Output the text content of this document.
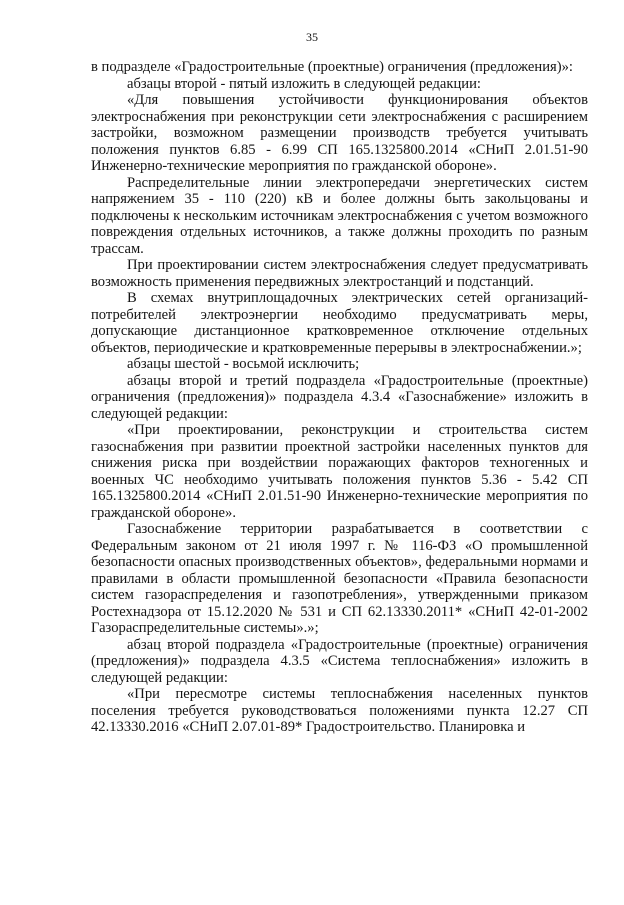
35

в подразделе «Градостроительные (проектные) ограничения (предложения)»:

абзацы второй - пятый изложить в следующей редакции:

«Для повышения устойчивости функционирования объектов электроснабжения при реконструкции сети электроснабжения с расширением застройки, возможном размещении производств требуется учитывать положения пунктов 6.85 - 6.99 СП 165.1325800.2014 «СНиП 2.01.51-90 Инженерно-технические мероприятия по гражданской обороне».

Распределительные линии электропередачи энергетических систем напряжением 35 - 110 (220) кВ и более должны быть закольцованы и подключены к нескольким источникам электроснабжения с учетом возможного повреждения отдельных источников, а также должны проходить по разным трассам.

При проектировании систем электроснабжения следует предусматривать возможность применения передвижных электростанций и подстанций.

В схемах внутриплощадочных электрических сетей организаций-потребителей электроэнергии необходимо предусматривать меры, допускающие дистанционное кратковременное отключение отдельных объектов, периодические и кратковременные перерывы в электроснабжении.»;

абзацы шестой - восьмой исключить;

абзацы второй и третий подраздела «Градостроительные (проектные) ограничения (предложения)» подраздела 4.3.4 «Газоснабжение» изложить в следующей редакции:

«При проектировании, реконструкции и строительства систем газоснабжения при развитии проектной застройки населенных пунктов для снижения риска при воздействии поражающих факторов техногенных и военных ЧС необходимо учитывать положения пунктов 5.36 - 5.42 СП 165.1325800.2014 «СНиП 2.01.51-90 Инженерно-технические мероприятия по гражданской обороне».

Газоснабжение территории разрабатывается в соответствии с Федеральным законом от 21 июля 1997 г. № 116-ФЗ «О промышленной безопасности опасных производственных объектов», федеральными нормами и правилами в области промышленной безопасности «Правила безопасности систем газораспределения и газопотребления», утвержденными приказом Ростехнадзора от 15.12.2020 № 531 и СП 62.13330.2011* «СНиП 42-01-2002 Газораспределительные системы».»;

абзац второй подраздела «Градостроительные (проектные) ограничения (предложения)» подраздела 4.3.5 «Система теплоснабжения» изложить в следующей редакции:

«При пересмотре системы теплоснабжения населенных пунктов поселения требуется руководствоваться положениями пункта 12.27 СП 42.13330.2016 «СНиП 2.07.01-89* Градостроительство. Планировка и
